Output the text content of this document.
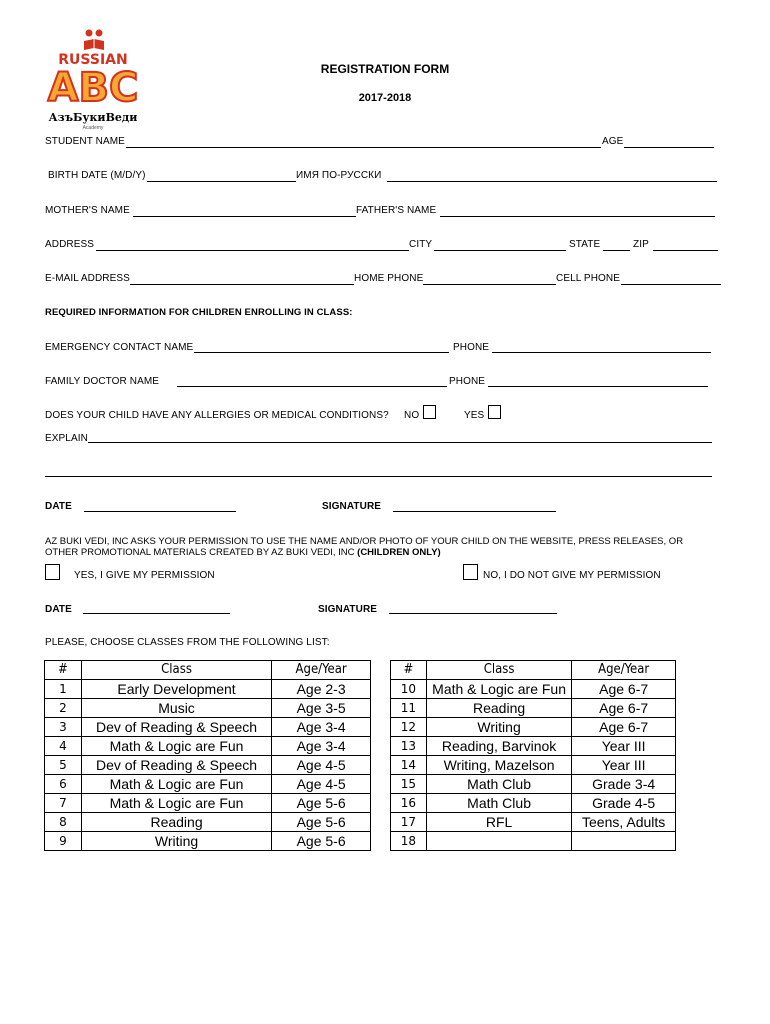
RUSSIAN
ABC
АзъБукиВеди
Academy
REGISTRATION FORM
2017-2018
STUDENT NAME	AGE
BIRTH DATE (M/D/Y)	ИМЯ ПО-РУССКИ
MOTHER'S NAME	FATHER'S NAME
ADDRESS	CITY	STATE	ZIP
E-MAIL ADDRESS	HOME PHONE	CELL PHONE
REQUIRED INFORMATION FOR CHILDREN ENROLLING IN CLASS:
EMERGENCY CONTACT NAME	PHONE
FAMILY DOCTOR NAME	PHONE
DOES YOUR CHILD HAVE ANY ALLERGIES OR MEDICAL CONDITIONS? NO	YES
EXPLAIN
DATE	SIGNATURE
AZ BUKI VEDI, INC ASKS YOUR PERMISSION TO USE THE NAME AND/OR PHOTO OF YOUR CHILD ON THE WEBSITE, PRESS RELEASES, OR
OTHER PROMOTIONAL MATERIALS CREATED BY AZ BUKI VEDI, INC (CHILDREN ONLY)
YES, I GIVE MY PERMISSION	NO, I DO NOT GIVE MY PERMISSION
DATE	SIGNATURE
PLEASE, CHOOSE CLASSES FROM THE FOLLOWING LIST:
#	Class	Age/Year
1	Early Development	Age 2-3
2	Music	Age 3-5
3	Dev of Reading & Speech	Age 3-4
4	Math & Logic are Fun	Age 3-4
5	Dev of Reading & Speech	Age 4-5
6	Math & Logic are Fun	Age 4-5
7	Math & Logic are Fun	Age 5-6
8	Reading	Age 5-6
9	Writing	Age 5-6
#	Class	Age/Year
10	Math & Logic are Fun	Age 6-7
11	Reading	Age 6-7
12	Writing	Age 6-7
13	Reading, Barvinok	Year III
14	Writing, Mazelson	Year III
15	Math Club	Grade 3-4
16	Math Club	Grade 4-5
17	RFL	Teens, Adults
18		
